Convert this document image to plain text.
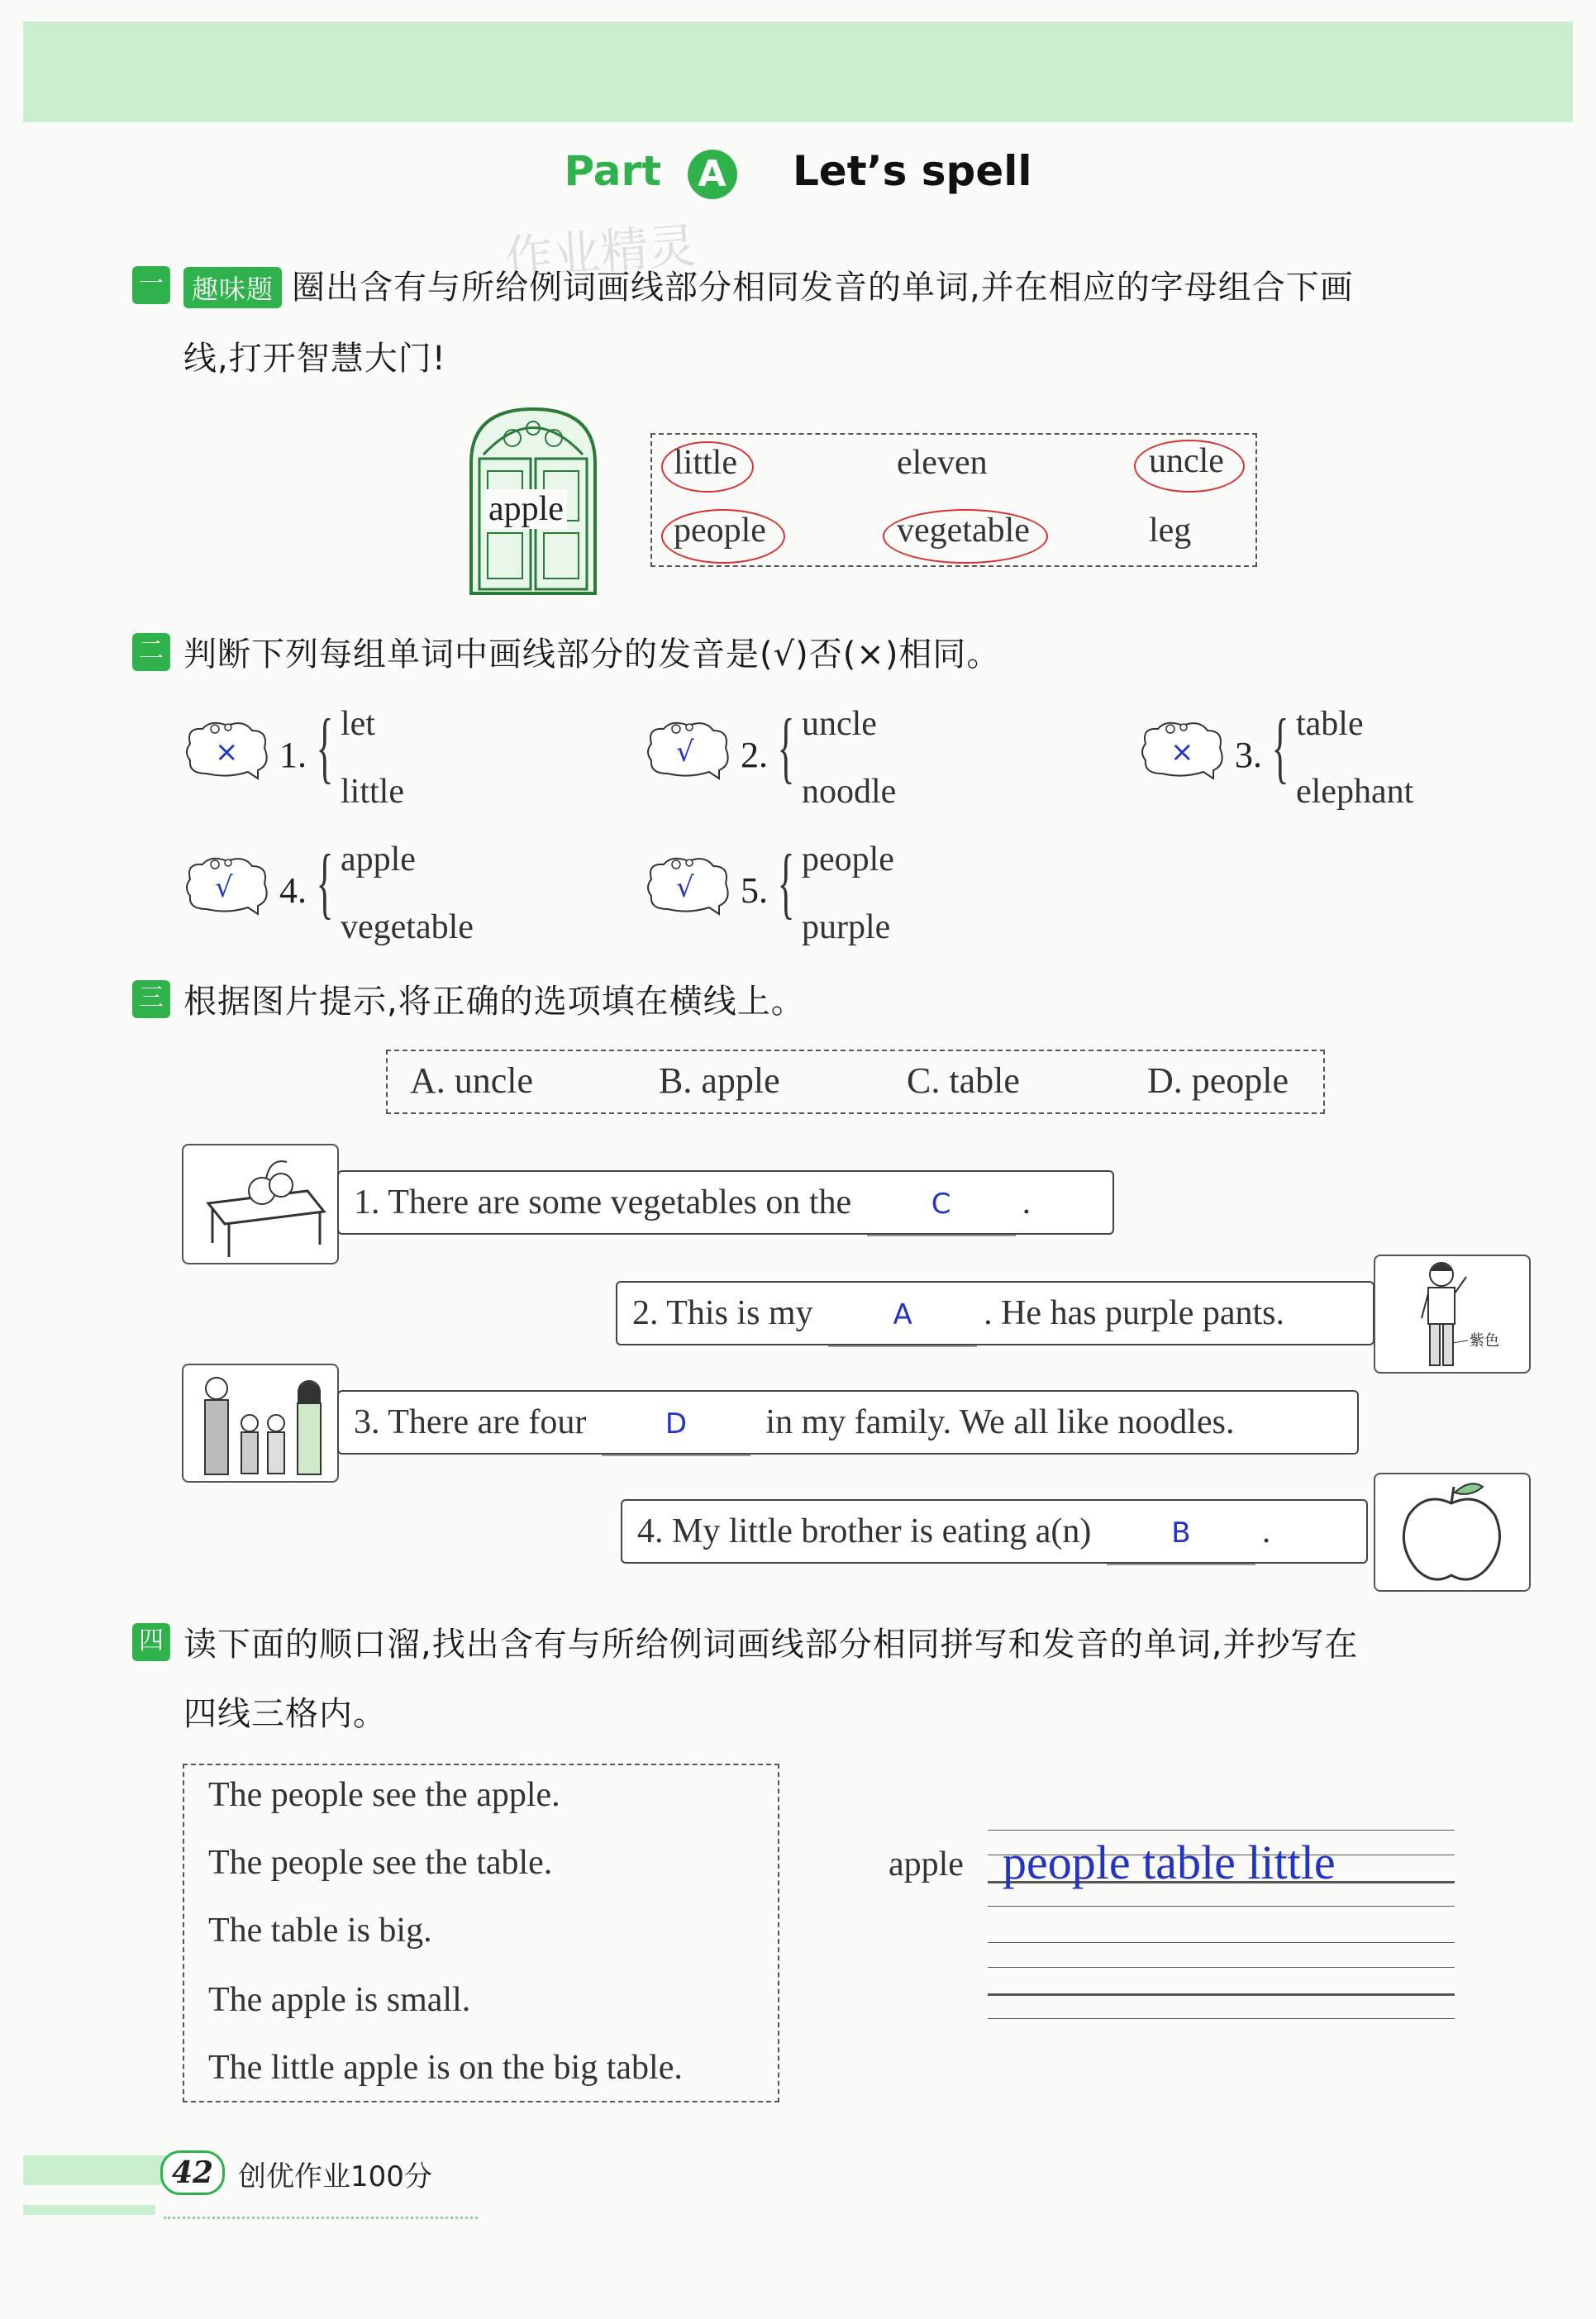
Part A Let’s spell
作业精灵
一	趣味题 圈出含有与所给例词画线部分相同发音的单词,并在相应的字母组合下画
线,打开智慧大门!
apple
little	eleven	uncle
people	vegetable	leg
二 判断下列每组单词中画线部分的发音是(√)否(×)相同。
× 1. { let
little
√ 2. { uncle
noodle
× 3. { table
elephant
√ 4. { apple
vegetable
√ 5. { people
purple
三 根据图片提示,将正确的选项填在横线上。
A. uncle	B. apple	C. table	D. people
1. There are some vegetables on the	C .
2. This is my	A . He has purple pants.
紫色
3. There are four	D in my family. We all like noodles.
4. My little brother is eating a(n)	B .
四 读下面的顺口溜,找出含有与所给例词画线部分相同拼写和发音的单词,并抄写在
四线三格内。
The people see the apple.
The people see the table.
The table is big.
The apple is small.
The little apple is on the big table.
apple people table little
42 创优作业100分
